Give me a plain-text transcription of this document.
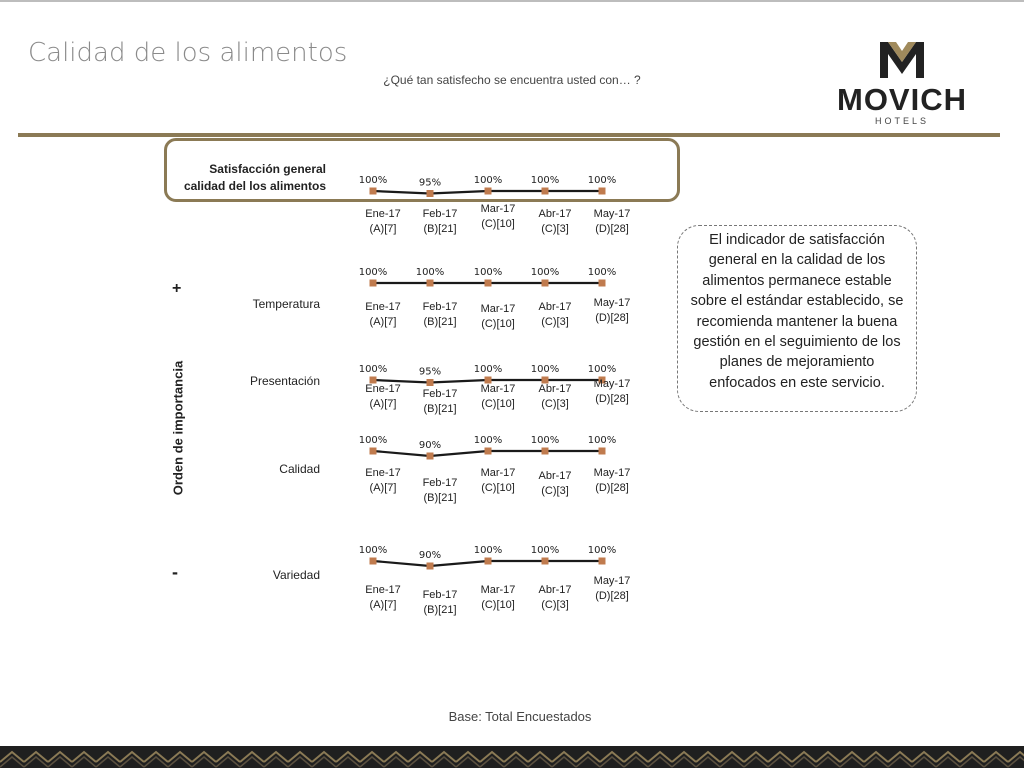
Calidad de los alimentos
¿Qué tan satisfecho se encuentra usted con… ?
MOVICH
HOTELS
Satisfacción general
calidad del los alimentos
Temperatura
Presentación
Calidad
Variedad
Orden de importancia
+
-
100%
Ene-17
(A)[7]
95%
Feb-17
(B)[21]
100%
Mar-17
(C)[10]
100%
Abr-17
(C)[3]
100%
May-17
(D)[28]
100%
Ene-17
(A)[7]
100%
Feb-17
(B)[21]
100%
Mar-17
(C)[10]
100%
Abr-17
(C)[3]
100%
May-17
(D)[28]
100%
Ene-17
(A)[7]
95%
Feb-17
(B)[21]
100%
Mar-17
(C)[10]
100%
Abr-17
(C)[3]
100%
May-17
(D)[28]
100%
Ene-17
(A)[7]
90%
Feb-17
(B)[21]
100%
Mar-17
(C)[10]
100%
Abr-17
(C)[3]
100%
May-17
(D)[28]
100%
Ene-17
(A)[7]
90%
Feb-17
(B)[21]
100%
Mar-17
(C)[10]
100%
Abr-17
(C)[3]
100%
May-17
(D)[28]
El indicador de satisfacción general en la calidad de los alimentos permanece estable sobre el estándar establecido, se recomienda mantener la buena gestión en el seguimiento de los planes de mejoramiento enfocados en este servicio.
Base: Total Encuestados
